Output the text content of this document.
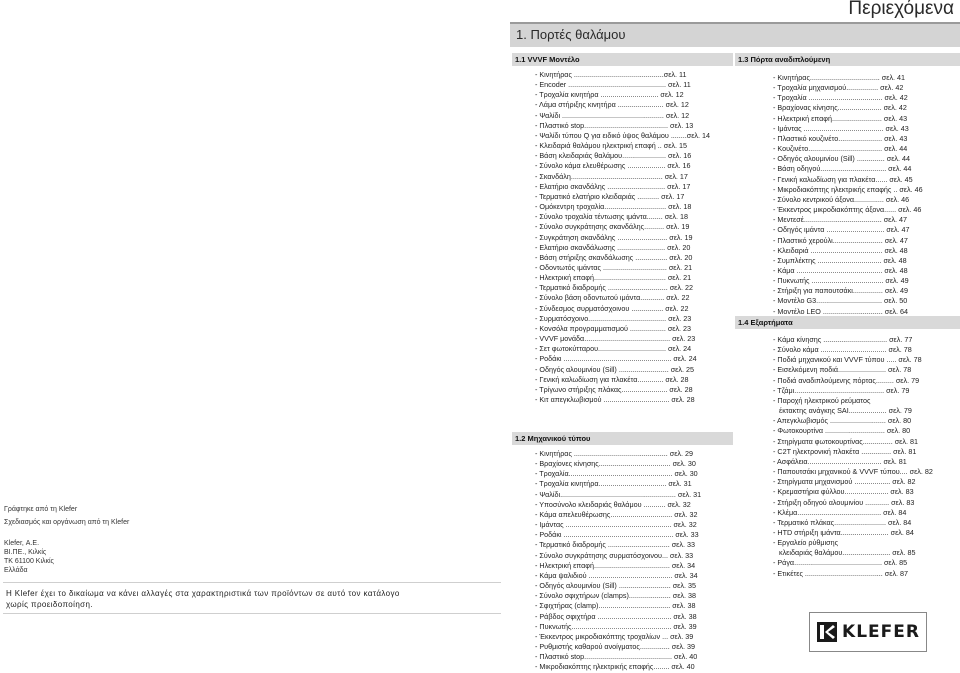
Περιεχόμενα
1. Πορτές θαλάμου
1.1 VVVF Μοντέλο
- Κινητήρας .............................................σελ. 11
- Encoder ................................................. σελ. 11
- Τροχαλία κινητήρα ............................. σελ. 12
- Λάμα στήριξης κινητήρα ....................... σελ. 12
- Ψαλίδι ................................................... σελ. 12
- Πλαστικό stop.......................................... σελ. 13
- Ψαλίδι τύπου Q για ειδικό ύψος θαλάμου ........σελ. 14
- Κλειδαριά θαλάμου ηλεκτρική επαφή .. σελ. 15
- Βάση κλειδαριάς θαλάμου...................... σελ. 16
- Σύνολο κάμα ελευθέρωσης ................... σελ. 16
- Σκανδάλη.............................................. σελ. 17
- Ελατήριο σκανδάλης ............................. σελ. 17
- Τερματικό ελατήριο κλειδαριάς ........... σελ. 17
- Ομόκεντρη τροχαλία............................... σελ. 18
- Σύνολο τροχαλία τέντωσης ιμάντα........ σελ. 18
- Σύνολο συγκράτησης σκανδάλης.......... σελ. 19
- Συγκράτηση σκανδάλης ......................... σελ. 19
- Ελατήριο σκανδάλωσης ........................ σελ. 20
- Βάση στήριξης σκανδάλωσης ................ σελ. 20
- Οδοντωτός ιμάντας ................................ σελ. 21
- Ηλεκτρική επαφή.................................... σελ. 21
- Τερματικό διαδρομής .............................. σελ. 22
- Σύνολο βάση οδοντωτού ιμάντα............ σελ. 22
- Σύνδεσμος συρματόσχοινου ................ σελ. 22
- Συρματόσχοινο....................................... σελ. 23
- Κονσόλα προγραμματισμού .................. σελ. 23
- VVVF μονάδα........................................... σελ. 23
- Σετ φωτοκύτταρου.................................. σελ. 24
- Ροδάκι ...................................................... σελ. 24
- Οδηγός αλουμινίου (Sill) ......................... σελ. 25
- Γενική καλωδίωση για πλακέτα............. σελ. 28
- Τρίγωνο στήριξης πλάκας....................... σελ. 28
- Κιτ απεγκλωβισμού ................................. σελ. 28
1.2 Μηχανικού τύπου
- Κινητήρας ............................................... σελ. 29
- Βραχίονες κίνησης.................................... σελ. 30
- Τροχαλία.................................................... σελ. 30
- Τροχαλία κινητήρα.................................. σελ. 31
- Ψαλίδι.......................................................... σελ. 31
- Υποσύνολο κλειδαριάς θαλάμου ........... σελ. 32
- Κάμα απελευθέρωσης............................... σελ. 32
- Ιμάντας ..................................................... σελ. 32
- Ροδάκι ....................................................... σελ. 33
- Τερματικό διαδρομής ............................... σελ. 33
- Σύνολο συγκράτησης συρματόσχοινου... σελ. 33
- Ηλεκτρική επαφή...................................... σελ. 34
- Κάμα ψαλιδιού .......................................... σελ. 34
- Οδηγός αλουμινίου (Sill) .......................... σελ. 35
- Σύνολο σφιχτήρων (clamps)..................... σελ. 38
- Σφιχτήρας (clamp).................................... σελ. 38
- Ράβδος σφιχτήρα ..................................... σελ. 38
- Πυκνωτής.................................................. σελ. 39
- Έκκεντρος μικροδιακόπτης τροχαλίων ... σελ. 39
- Ρυθμιστής καθαρού ανοίγματος............... σελ. 39
- Πλαστικό stop............................................ σελ. 40
- Μικροδιακόπτης ηλεκτρικής επαφής........ σελ. 40
1.3 Πόρτα αναδιπλούμενη
- Κινητήρας................................... σελ. 41
- Τροχαλία μηχανισμού................ σελ. 42
- Τροχαλία ..................................... σελ. 42
- Βραχίονας κίνησης...................... σελ. 42
- Ηλεκτρική επαφή......................... σελ. 43
- Ιμάντας ........................................ σελ. 43
- Πλαστικό κουζινέτο...................... σελ. 43
- Κουζινέτο..................................... σελ. 44
- Οδηγός αλουμινίου (Sill) .............. σελ. 44
- Βάση οδηγού................................. σελ. 44
- Γενική καλωδίωση για πλακέτα...... σελ. 45
- Μικροδιακόπτης ηλεκτρικής επαφής .. σελ. 46
- Σύνολο κεντρικού άξονα............... σελ. 46
- Έκκεντρος μικροδιακόπτης άξονα...... σελ. 46
- Μεντεσέ....................................... σελ. 47
- Οδηγός ιμάντα ............................. σελ. 47
- Πλαστικό χερούλι......................... σελ. 47
- Κλειδαριά .................................... σελ. 48
- Συμπλέκτης ................................ σελ. 48
- Κάμα ........................................... σελ. 48
- Πυκνωτής .................................... σελ. 49
- Στήριξη για παπουτσάκι............... σελ. 49
- Μοντέλο G3................................. σελ. 50
- Μοντέλο LEO .............................. σελ. 64
1.4 Εξαρτήματα
- Κάμα κίνησης ................................ σελ. 77
- Σύνολο κάμα ................................. σελ. 78
- Ποδιά μηχανικού και VVVF τύπου ..... σελ. 78
- Εισελκόμενη ποδιά........................ σελ. 78
- Ποδιά αναδιπλούμενης πόρτας......... σελ. 79
- Τζάμι............................................. σελ. 79
- Παροχή ηλεκτρικού ρεύματος
έκτακτης ανάγκης SAI................... σελ. 79
- Απεγκλωβισμός ............................ σελ. 80
- Φωτοκουρτίνα .............................. σελ. 80
- Στηρίγματα φωτοκουρτίνας............... σελ. 81
- C2T ηλεκτρονική πλακέτα ............... σελ. 81
- Ασφάλεια..................................... σελ. 81
- Παπουτσάκι μηχανικού & VVVF τύπου.... σελ. 82
- Στηρίγματα μηχανισμού .................. σελ. 82
- Κρεμαστήρια φύλλου...................... σελ. 83
- Στήριξη οδηγού αλουμινίου ............ σελ. 83
- Κλέμα.......................................... σελ. 84
- Τερματικό πλάκας.......................... σελ. 84
- HTD στήριξη ιμάντα........................ σελ. 84
- Εργαλείο ρύθμισης
κλειδαριάς θαλάμου........................ σελ. 85
- Ράγα............................................ σελ. 85
- Ετικέτες ....................................... σελ. 87
Γράφτηκε από τη Klefer
Σχεδιασμός και οργάνωση από τη Klefer
Klefer, Α.Ε.
ΒΙ.ΠΕ., Κιλκίς
ΤΚ 61100 Κιλκίς
Ελλάδα
Η Klefer έχει το δικαίωμα να κάνει αλλαγές στα χαρακτηριστικά των προϊόντων σε αυτό τον κατάλογο
χωρίς προειδοποίηση.
KLEFER
